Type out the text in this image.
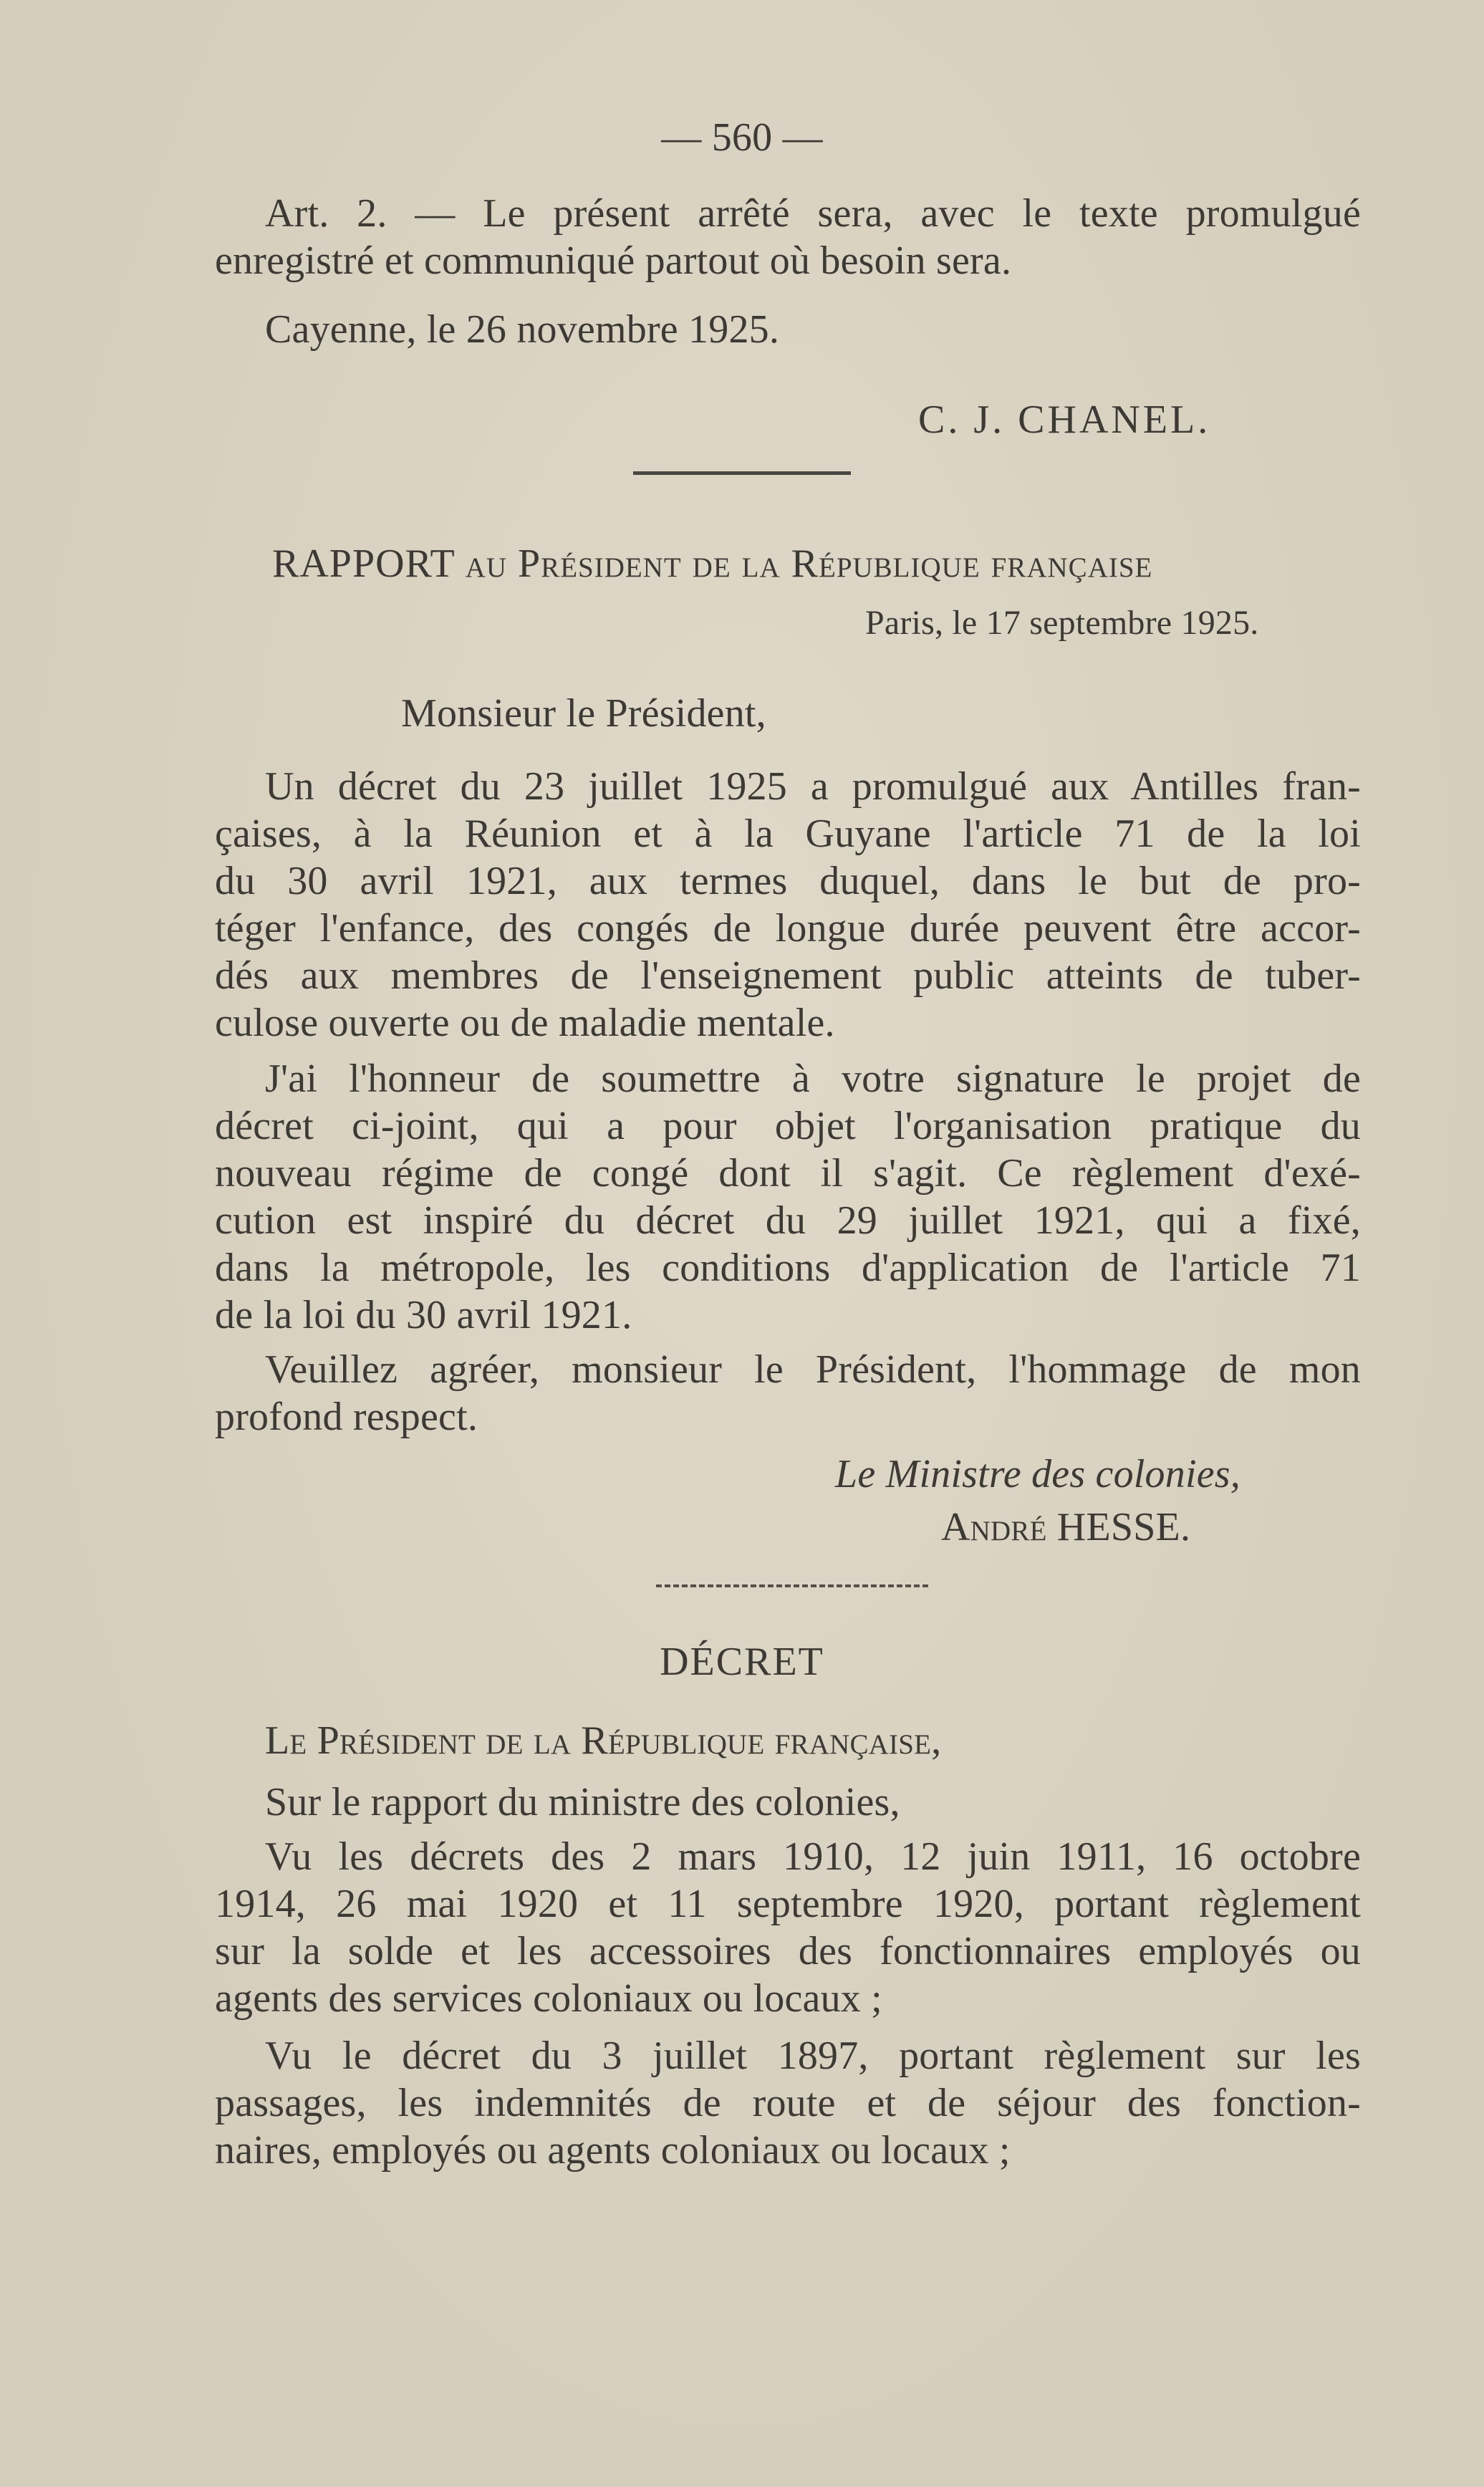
— 560 —
Art. 2. — Le présent arrêté sera, avec le texte promulgué
enregistré et communiqué partout où besoin sera.
Cayenne, le 26 novembre 1925.
C. J. CHANEL.
RAPPORT au Président de la République française
Paris, le 17 septembre 1925.
Monsieur le Président,
Un décret du 23 juillet 1925 a promulgué aux Antilles fran-
çaises, à la Réunion et à la Guyane l'article 71 de la loi
du 30 avril 1921, aux termes duquel, dans le but de pro-
téger l'enfance, des congés de longue durée peuvent être accor-
dés aux membres de l'enseignement public atteints de tuber-
culose ouverte ou de maladie mentale.
J'ai l'honneur de soumettre à votre signature le projet de
décret ci-joint, qui a pour objet l'organisation pratique du
nouveau régime de congé dont il s'agit. Ce règlement d'exé-
cution est inspiré du décret du 29 juillet 1921, qui a fixé,
dans la métropole, les conditions d'application de l'article 71
de la loi du 30 avril 1921.
Veuillez agréer, monsieur le Président, l'hommage de mon
profond respect.
Le Ministre des colonies,
André HESSE.
DÉCRET
Le Président de la République française,
Sur le rapport du ministre des colonies,
Vu les décrets des 2 mars 1910, 12 juin 1911, 16 octobre
1914, 26 mai 1920 et 11 septembre 1920, portant règlement
sur la solde et les accessoires des fonctionnaires employés ou
agents des services coloniaux ou locaux ;
Vu le décret du 3 juillet 1897, portant règlement sur les
passages, les indemnités de route et de séjour des fonction-
naires, employés ou agents coloniaux ou locaux ;
